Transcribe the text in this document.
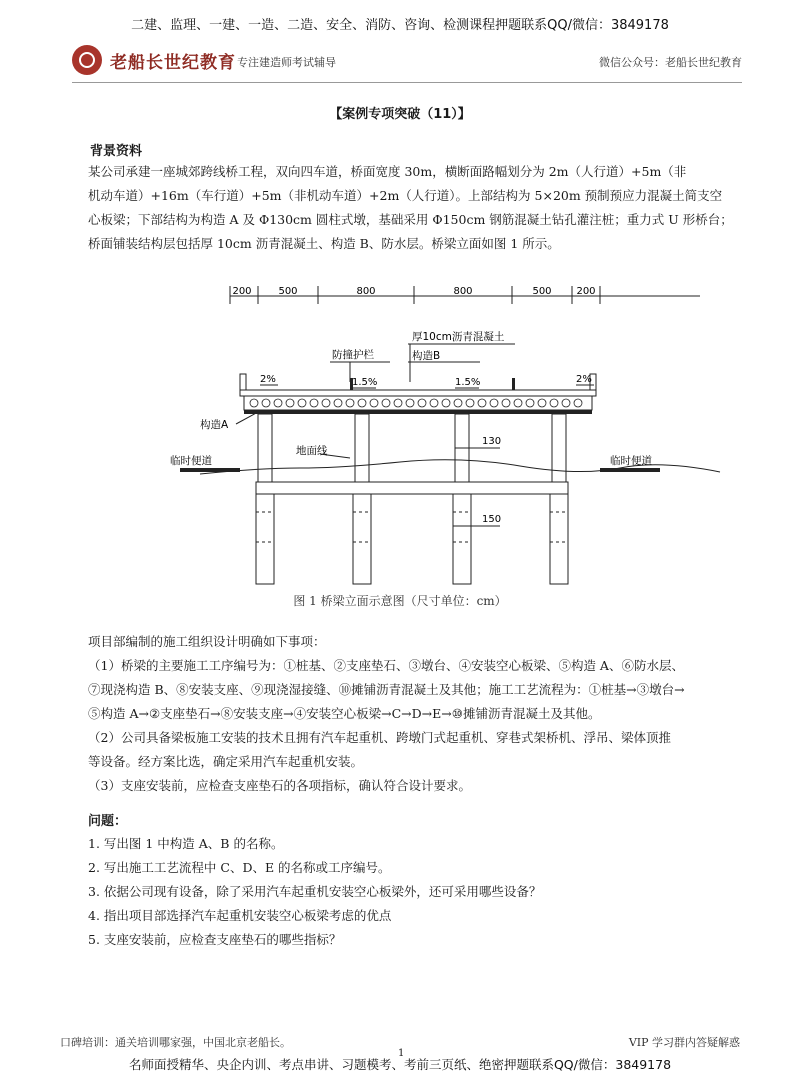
二建、监理、一建、一造、二造、安全、消防、咨询、检测课程押题联系QQ/微信：3849178
老船长世纪教育 专注建造师考试辅导	微信公众号：老船长世纪教育
【案例专项突破（11）】
背景资料
某公司承建一座城郊跨线桥工程，双向四车道，桥面宽度 30m，横断面路幅划分为 2m（人行道）+5m（非
机动车道）+16m（车行道）+5m（非机动车道）+2m（人行道）。上部结构为 5×20m 预制预应力混凝土简支空
心板梁；下部结构为构造 A 及 Φ130cm 圆柱式墩，基础采用 Φ150cm 钢筋混凝土钻孔灌注桩；重力式 U 形桥台；
桥面铺装结构层包括厚 10cm 沥青混凝土、构造 B、防水层。桥梁立面如图 1 所示。
200	500	800	800	500 200
厚10cm沥青混凝土
构造B
防撞护栏
2%	1.5%	1.5%	2%
构造A
130
150
地面线
临时便道	临时便道
图 1 桥梁立面示意图（尺寸单位：cm）
项目部编制的施工组织设计明确如下事项：
（1）桥梁的主要施工工序编号为：①桩基、②支座垫石、③墩台、④安装空心板梁、⑤构造 A、⑥防水层、
⑦现浇构造 B、⑧安装支座、⑨现浇湿接缝、⑩摊铺沥青混凝土及其他；施工工艺流程为：①桩基→③墩台→
⑤构造 A→②支座垫石→⑧安装支座→④安装空心板梁→C→D→E→⑩摊铺沥青混凝土及其他。
（2）公司具备梁板施工安装的技术且拥有汽车起重机、跨墩门式起重机、穿巷式架桥机、浮吊、梁体顶推
等设备。经方案比选，确定采用汽车起重机安装。
（3）支座安装前，应检查支座垫石的各项指标，确认符合设计要求。
问题：
1. 写出图 1 中构造 A、B 的名称。
2. 写出施工工艺流程中 C、D、E 的名称或工序编号。
3. 依据公司现有设备，除了采用汽车起重机安装空心板梁外，还可采用哪些设备？
4. 指出项目部选择汽车起重机安装空心板梁考虑的优点
5. 支座安装前，应检查支座垫石的哪些指标？
口碑培训：通关培训哪家强，中国北京老船长。	VIP 学习群内答疑解惑
1
名师面授精华、央企内训、考点串讲、习题模考、考前三页纸、绝密押题联系QQ/微信：3849178
